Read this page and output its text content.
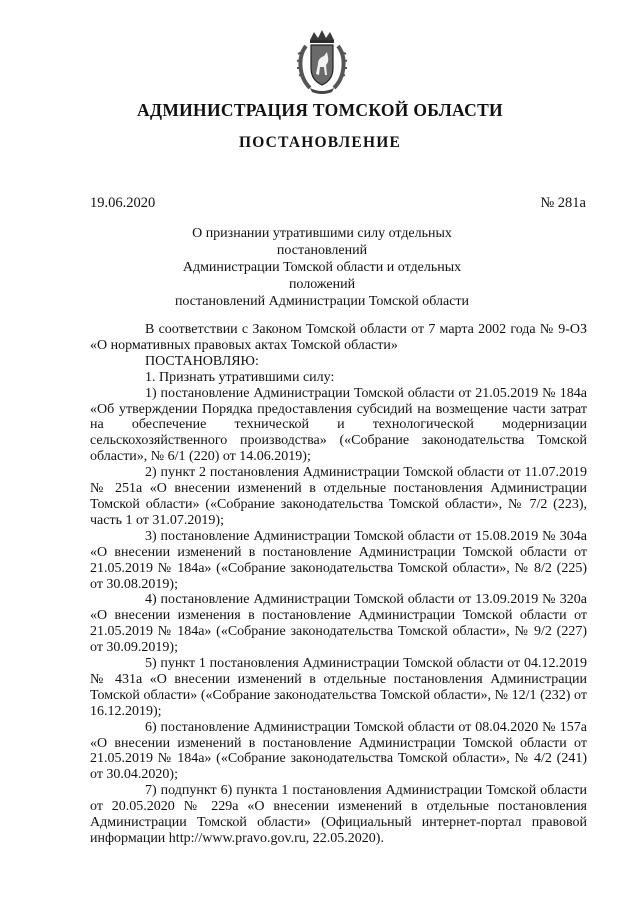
АДМИНИСТРАЦИЯ ТОМСКОЙ ОБЛАСТИ
ПОСТАНОВЛЕНИЕ
19.06.2020	№ 281а
О признании утратившими силу отдельных постановлений
Администрации Томской области и отдельных положений
постановлений Администрации Томской области

В соответствии с Законом Томской области от 7 марта 2002 года № 9-ОЗ «О нормативных правовых актах Томской области»

ПОСТАНОВЛЯЮ:

1. Признать утратившими силу:

1) постановление Администрации Томской области от 21.05.2019 № 184а «Об утверждении Порядка предоставления субсидий на возмещение части затрат на обеспечение технической и технологической модернизации сельскохозяйственного производства» («Собрание законодательства Томской области», № 6/1 (220) от 14.06.2019);

2) пункт 2 постановления Администрации Томской области от 11.07.2019 № 251а «О внесении изменений в отдельные постановления Администрации Томской области» («Собрание законодательства Томской области», № 7/2 (223), часть 1 от 31.07.2019);

3) постановление Администрации Томской области от 15.08.2019 № 304а «О внесении изменений в постановление Администрации Томской области от 21.05.2019 № 184а» («Собрание законодательства Томской области», № 8/2 (225) от 30.08.2019);

4) постановление Администрации Томской области от 13.09.2019 № 320а «О внесении изменения в постановление Администрации Томской области от 21.05.2019 № 184а» («Собрание законодательства Томской области», № 9/2 (227) от 30.09.2019);

5) пункт 1 постановления Администрации Томской области от 04.12.2019 № 431а «О внесении изменений в отдельные постановления Администрации Томской области» («Собрание законодательства Томской области», № 12/1 (232) от 16.12.2019);

6) постановление Администрации Томской области от 08.04.2020 № 157а «О внесении изменений в постановление Администрации Томской области от 21.05.2019 № 184а» («Собрание законодательства Томской области», № 4/2 (241) от 30.04.2020);

7) подпункт 6) пункта 1 постановления Администрации Томской области от 20.05.2020 № 229а «О внесении изменений в отдельные постановления Администрации Томской области» (Официальный интернет-портал правовой информации http://www.pravo.gov.ru, 22.05.2020).
